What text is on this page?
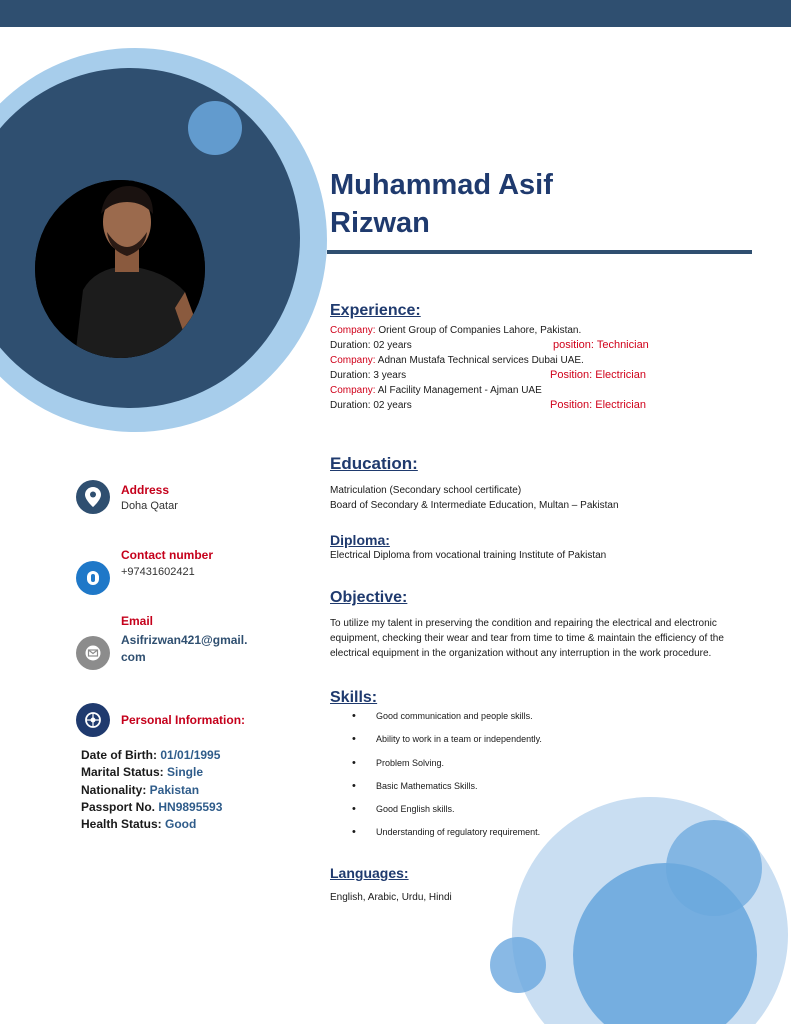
Muhammad Asif
Rizwan
Experience:
Company: Orient Group of Companies Lahore, Pakistan.
Duration: 02 years	position: Technician
Company: Adnan Mustafa Technical services Dubai UAE.
Duration: 3 years	Position: Electrician
Company: Al Facility Management - Ajman UAE
Duration: 02 years	Position: Electrician
Education:
Matriculation (Secondary school certificate)
Board of Secondary & Intermediate Education, Multan – Pakistan
Diploma:
Electrical Diploma from vocational training Institute of Pakistan
Objective:
To utilize my talent in preserving the condition and repairing the electrical and electronic equipment, checking their wear and tear from time to time & maintain the efficiency of the electrical equipment in the organization without any interruption in the work procedure.
Skills:
• Good communication and people skills.
• Ability to work in a team or independently.
• Problem Solving.
• Basic Mathematics Skills.
• Good English skills.
• Understanding of regulatory requirement.
Languages:
English, Arabic, Urdu, Hindi
Address
Doha Qatar
Contact number
+97431602421
Email
Asifrizwan421@gmail.
com
Personal Information:
Date of Birth: 01/01/1995
Marital Status: Single
Nationality: Pakistan
Passport No. HN9895593
Health Status: Good
